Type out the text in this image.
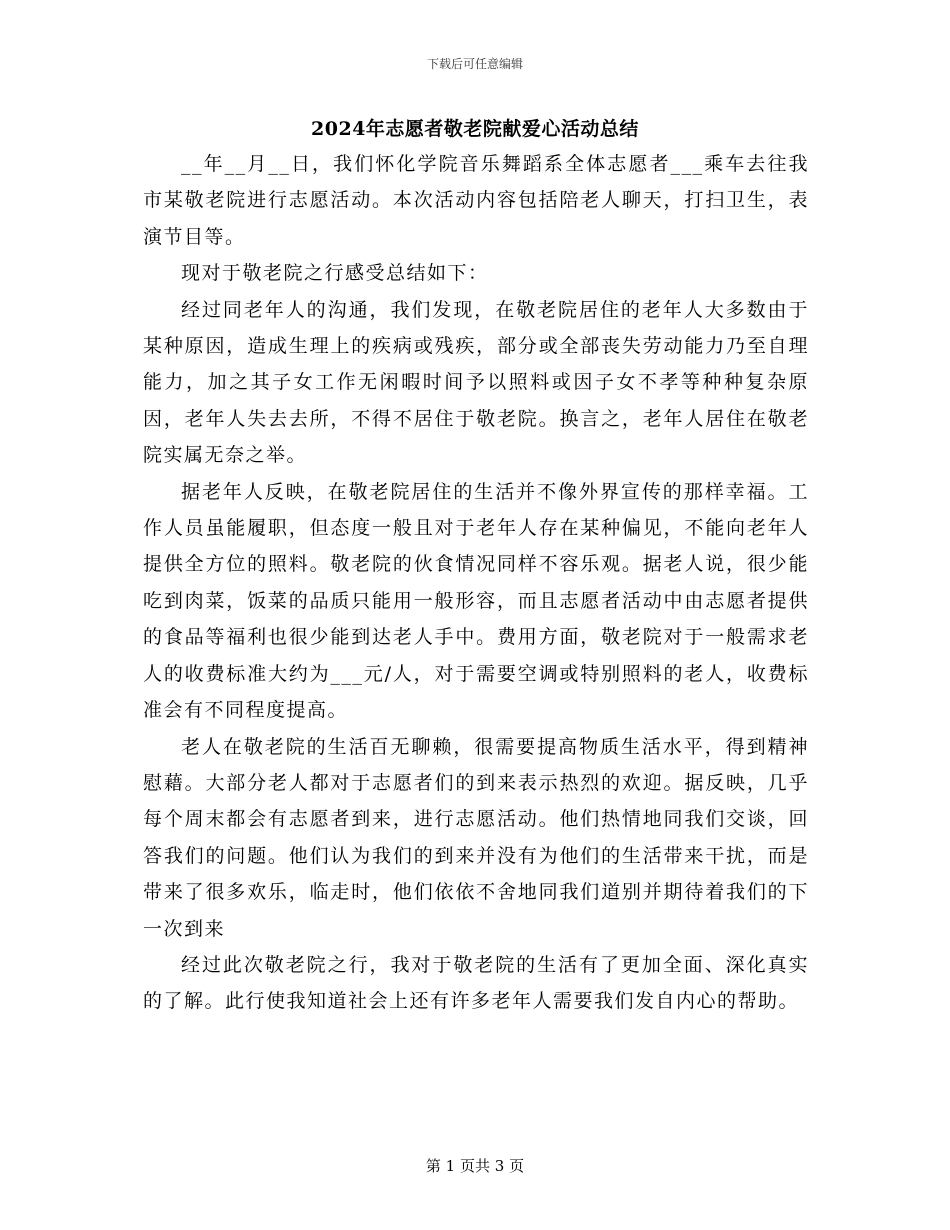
下载后可任意编辑
2024年志愿者敬老院献爱心活动总结

__年__月__日，我们怀化学院音乐舞蹈系全体志愿者___乘车去往我市某敬老院进行志愿活动。本次活动内容包括陪老人聊天，打扫卫生，表演节目等。

现对于敬老院之行感受总结如下：

经过同老年人的沟通，我们发现，在敬老院居住的老年人大多数由于某种原因，造成生理上的疾病或残疾，部分或全部丧失劳动能力乃至自理能力，加之其子女工作无闲暇时间予以照料或因子女不孝等种种复杂原因，老年人失去去所，不得不居住于敬老院。换言之，老年人居住在敬老院实属无奈之举。

据老年人反映，在敬老院居住的生活并不像外界宣传的那样幸福。工作人员虽能履职，但态度一般且对于老年人存在某种偏见，不能向老年人提供全方位的照料。敬老院的伙食情况同样不容乐观。据老人说，很少能吃到肉菜，饭菜的品质只能用一般形容，而且志愿者活动中由志愿者提供的食品等福利也很少能到达老人手中。费用方面，敬老院对于一般需求老人的收费标准大约为___元/人，对于需要空调或特别照料的老人，收费标准会有不同程度提高。

老人在敬老院的生活百无聊赖，很需要提高物质生活水平，得到精神慰藉。大部分老人都对于志愿者们的到来表示热烈的欢迎。据反映，几乎每个周末都会有志愿者到来，进行志愿活动。他们热情地同我们交谈，回答我们的问题。他们认为我们的到来并没有为他们的生活带来干扰，而是带来了很多欢乐，临走时，他们依依不舍地同我们道别并期待着我们的下一次到来

经过此次敬老院之行，我对于敬老院的生活有了更加全面、深化真实的了解。此行使我知道社会上还有许多老年人需要我们发自内心的帮助。

第 1 页共 3 页
